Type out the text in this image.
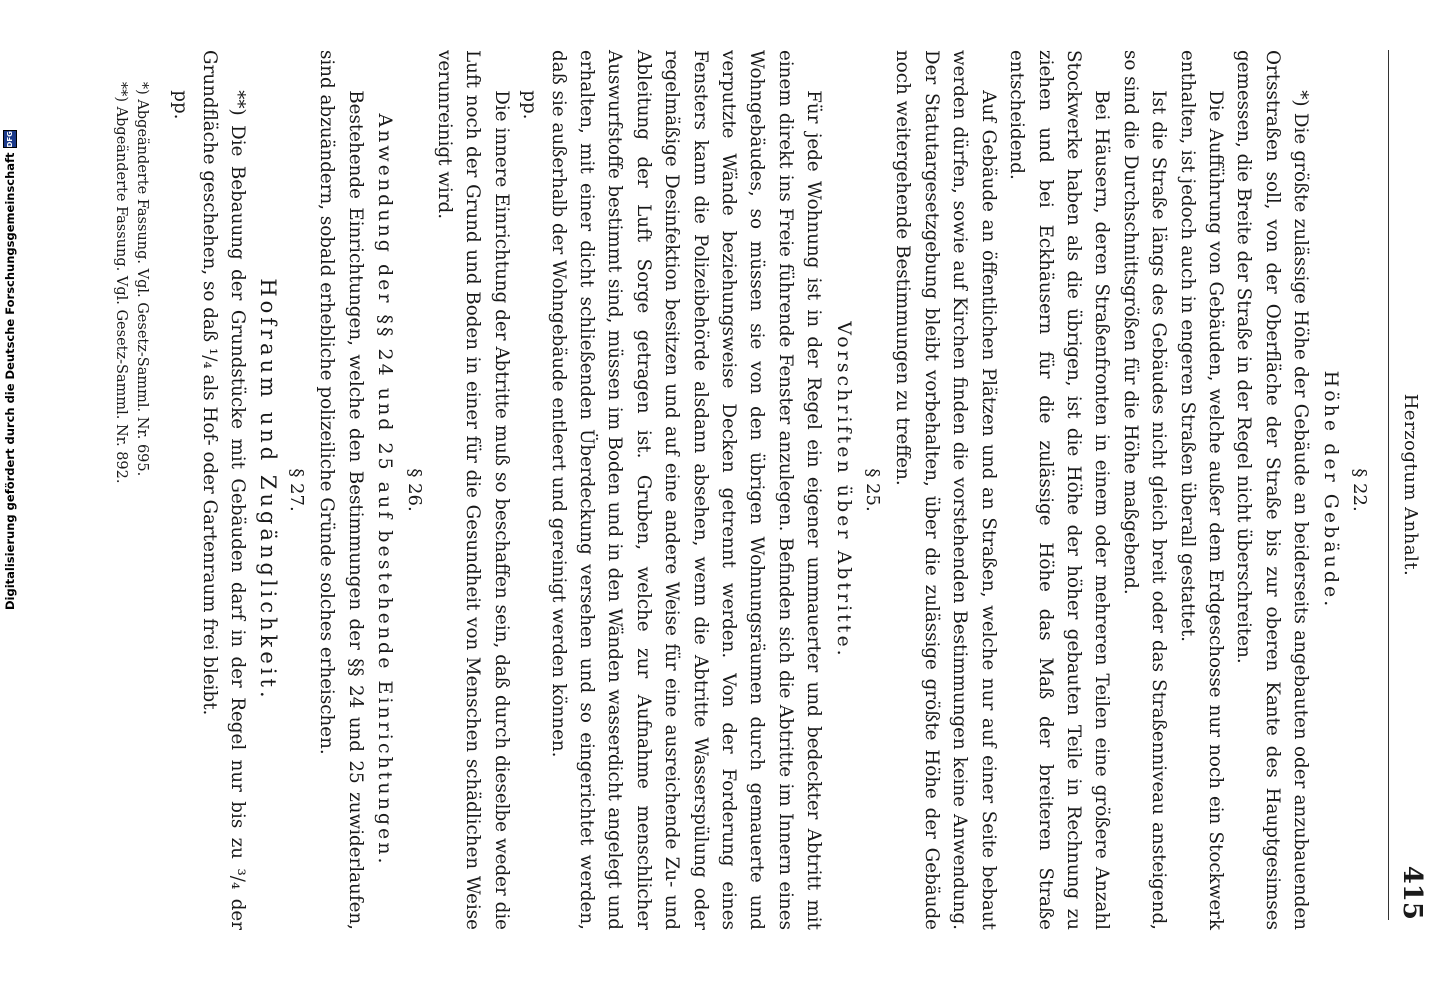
Digitalisierung gefördert durch die Deutsche Forschungsgemeinschaft
DFG
Herzogtum Anhalt.
415
§ 22.
Höhe der Gebäude.

*) Die größte zulässige Höhe der Gebäude an beiderseits angebauten oder anzubauenden Ortsstraßen soll, von der Oberfläche der Straße bis zur oberen Kante des Hauptgesimses gemessen, die Breite der Straße in der Regel nicht überschreiten.

Die Aufführung von Gebäuden, welche außer dem Erdgeschosse nur noch ein Stockwerk enthalten, ist jedoch auch in engeren Straßen überall gestattet.

Ist die Straße längs des Gebäudes nicht gleich breit oder das Straßenniveau ansteigend, so sind die Durchschnittsgrößen für die Höhe maßgebend.

Bei Häusern, deren Straßenfronten in einem oder mehreren Teilen eine größere Anzahl Stockwerke haben als die übrigen, ist die Höhe der höher gebauten Teile in Rechnung zu ziehen und bei Eckhäusern für die zulässige Höhe das Maß der breiteren Straße entscheidend.

Auf Gebäude an öffentlichen Plätzen und an Straßen, welche nur auf einer Seite bebaut werden dürfen, sowie auf Kirchen finden die vorstehenden Bestimmungen keine Anwendung. Der Statutargesetzgebung bleibt vorbehalten, über die zulässige größte Höhe der Gebäude noch weitergehende Bestimmungen zu treffen.

§ 25.
Vorschriften über Abtritte.

Für jede Wohnung ist in der Regel ein eigener ummauerter und bedeckter Abtritt mit einem direkt ins Freie führende Fenster anzulegen. Befinden sich die Abtritte im Innern eines Wohngebäudes, so müssen sie von den übrigen Wohnungsräumen durch gemauerte und verputzte Wände beziehungsweise Decken getrennt werden. Von der Forderung eines Fensters kann die Polizeibehörde alsdann absehen, wenn die Abtritte Wasserspülung oder regelmäßige Desinfektion besitzen und auf eine andere Weise für eine ausreichende Zu- und Ableitung der Luft Sorge getragen ist. Gruben, welche zur Aufnahme menschlicher Auswurfstoffe bestimmt sind, müssen im Boden und in den Wänden wasserdicht angelegt und erhalten, mit einer dicht schließenden Überdeckung versehen und so eingerichtet werden, daß sie außerhalb der Wohngebäude entleert und gereinigt werden können.

pp.

Die innere Einrichtung der Abtritte muß so beschaffen sein, daß durch dieselbe weder die Luft noch der Grund und Boden in einer für die Gesundheit von Menschen schädlichen Weise verunreinigt wird.

§ 26.
Anwendung der §§ 24 und 25 auf bestehende Einrichtungen.

Bestehende Einrichtungen, welche den Bestimmungen der §§ 24 und 25 zuwiderlaufen, sind abzuändern, sobald erhebliche polizeiliche Gründe solches erheischen.

§ 27.
Hofraum und Zugänglichkeit.

**) Die Bebauung der Grundstücke mit Gebäuden darf in der Regel nur bis zu ³/₄ der Grundfläche geschehen, so daß ¹/₄ als Hof- oder Gartenraum frei bleibt.

pp.

*) Abgeänderte Fassung. Vgl. Gesetz-Samml. Nr. 695.

**) Abgeänderte Fassung. Vgl. Gesetz-Samml. Nr. 892.
